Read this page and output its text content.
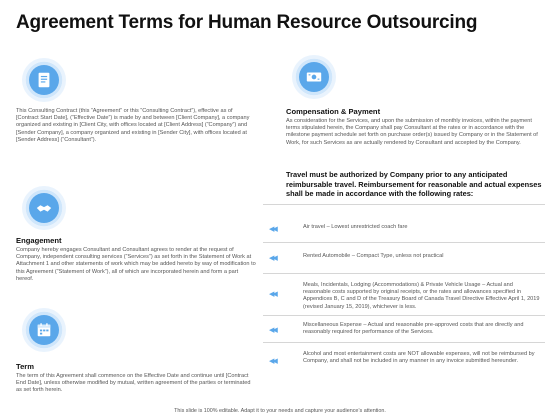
Agreement Terms for Human Resource Outsourcing
This Consulting Contract (this “Agreement” or this “Consulting Contract”), effective as of [Contract Start Date], (“Effective Date”) is made by and between [Client Company], a company organized and existing in [Client City, with offices located at [Client Address] (“Company”) and [Sender Company], a company organized and existing in [Sender City], with offices located at [Sender Address] (“Consultant”).
Engagement
Company hereby engages Consultant and Consultant agrees to render at the request of Company, independent consulting services (“Services”) as set forth in the Statement of Work at Attachment 1 and other statements of work which may be added hereto by way of modification to this Agreement (“Statement of Work”), all of which are incorporated herein and form a part hereof.
Term
The term of this Agreement shall commence on the Effective Date and continue until [Contract End Date], unless otherwise modified by mutual, written agreement of the parties or terminated as set forth herein.
Compensation & Payment
As consideration for the Services, and upon the submission of monthly invoices, within the payment terms stipulated herein, the Company shall pay Consultant at the rates or in accordance with the milestone payment schedule set forth on purchase order(s) issued by Company or in the Statement of Work, for such Services as are actually rendered by Consultant and accepted by the Company.
Travel must be authorized by Company prior to any anticipated reimbursable travel. Reimbursement for reasonable and actual expenses shall be made in accordance with the following rates:
◀◀	Air travel – Lowest unrestricted coach fare
◀◀	Rented Automobile – Compact Type, unless not practical
◀◀
Meals, Incidentals, Lodging (Accommodations) & Private Vehicle Usage – Actual and reasonable costs supported by original receipts, or the rates and allowances specified in Appendices B, C and D of the Treasury Board of Canada Travel Directive Effective April 1, 2019 (revised January 15, 2019), whichever is less.
◀◀
Miscellaneous Expense – Actual and reasonable pre-approved costs that are directly and reasonably required for performance of the Services.
◀◀
Alcohol and most entertainment costs are NOT allowable expenses, will not be reimbursed by Company, and shall not be included in any manner in any invoice submitted hereunder.
This slide is 100% editable. Adapt it to your needs and capture your audience’s attention.
